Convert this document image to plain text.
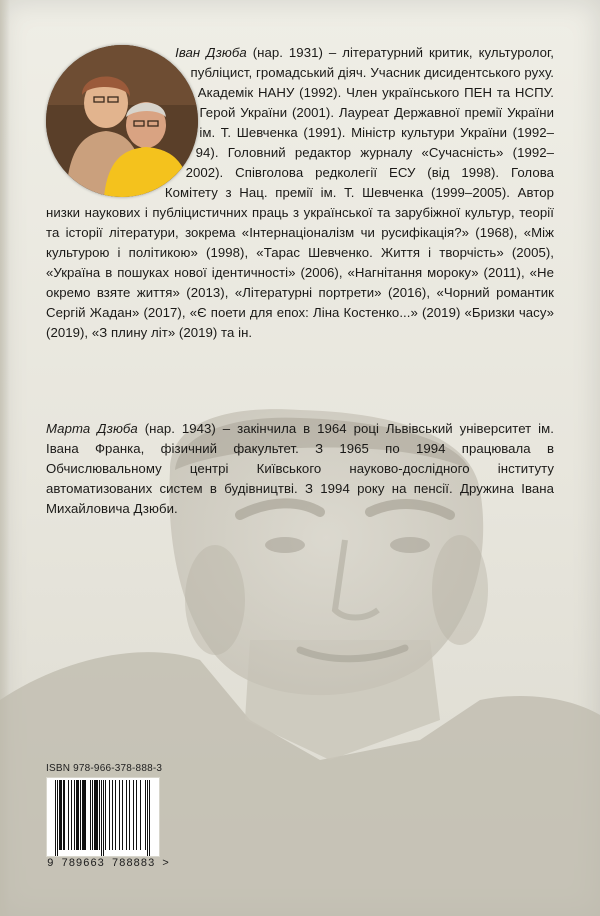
Іван Дзюба (нар. 1931) – літературний критик, культуролог, публіцист, громадський діяч. Учасник дисидентського руху. Академік НАНУ (1992). Член українського ПЕН та НСПУ. Герой України (2001). Лауреат Державної премії України ім. Т. Шевченка (1991). Міністр культури України (1992–94). Головний редактор журналу «Сучасність» (1992–2002). Співголова редколегії ЕСУ (від 1998). Голова Комітету з Нац. премії ім. Т. Шевченка (1999–2005). Автор низки наукових і публіцистичних праць з української та зарубіжної культур, теорії та історії літератури, зокрема «Інтернаціоналізм чи русифікація?» (1968), «Між культурою і політикою» (1998), «Тарас Шевченко. Життя і творчість» (2005), «Україна в пошуках нової ідентичності» (2006), «Нагнітання мороку» (2011), «Не окремо взяте життя» (2013), «Літературні портрети» (2016), «Чорний романтик Сергій Жадан» (2017), «Є поети для епох: Ліна Костенко...» (2019) «Бризки часу» (2019), «З плину літ» (2019) та ін.
Марта Дзюба (нар. 1943) – закінчила в 1964 році Львівський університет ім. Івана Франка, фізичний факультет. З 1965 по 1994 працювала в Обчислювальному центрі Київського науково-дослідного інституту автоматизованих систем в будівництві. З 1994 року на пенсії. Дружина Івана Михайловича Дзюби.
ISBN 978-966-378-888-3
9 789663 788883 >
